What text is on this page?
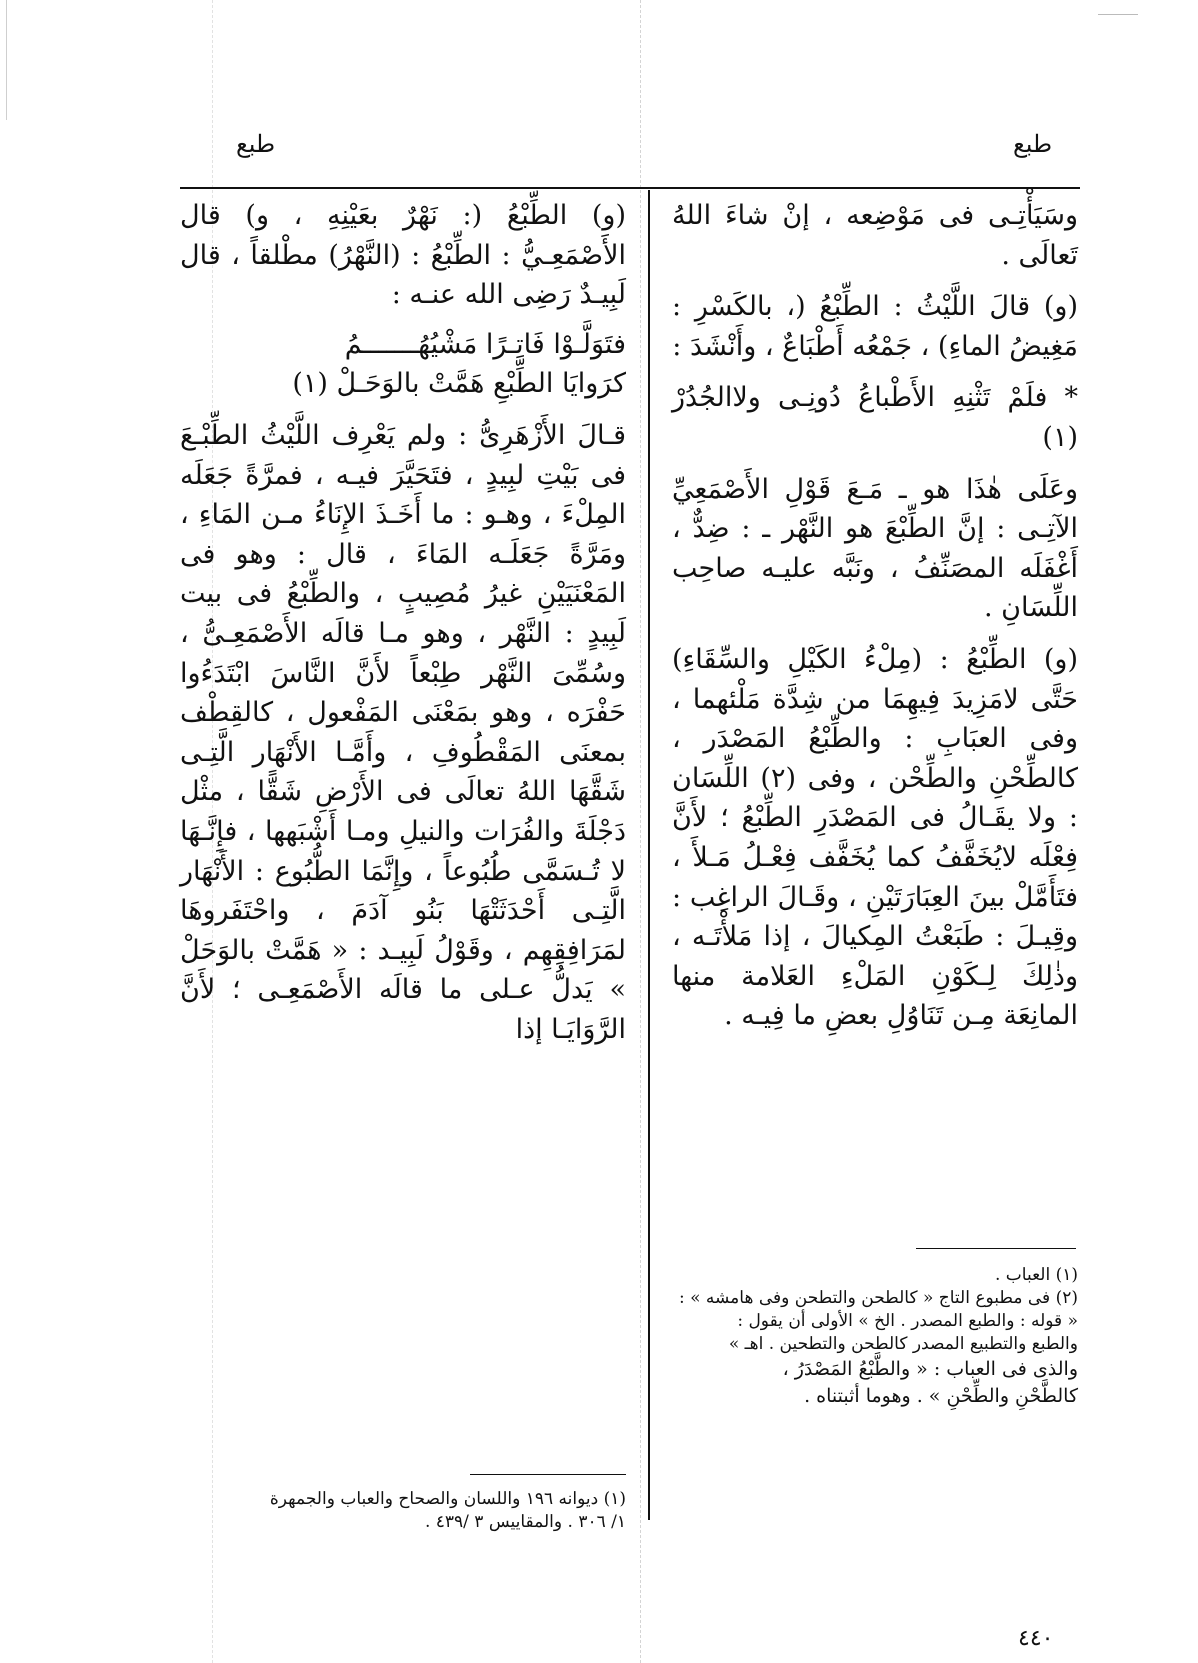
طبع	طبع

وسَيَأْتِـى فى مَوْضِعه ، إنْ شاءَ اللهُ تَعالَى .

(و) قالَ اللَّيْثُ : الطِّبْعُ (، بالكَسْرِ : مَغِيضُ الماءِ) ، جَمْعُه أَطْبَاعٌ ، وأَنْشَدَ :

* فلَمْ تَثْنِهِ الأَطْباعُ دُونِـى ولاالجُدُرْ (١)

وعَلَى هٰذَا هو ـ مَـعَ قَوْلِ الأَصْمَعِيِّ الآتِـى : إنَّ الطِّبْعَ هو النَّهْر ـ : ضِدٌّ ، أَغْفَلَه المصَنِّفُ ، ونَبَّه عليـه صاحِب اللِّسَانِ .

(و) الطِّبْعُ : (مِلْءُ الكَيْلِ والسِّقَاءِ) حَتَّى لامَزِيدَ فِيهِمَا من شِدَّة مَلْئهما ، وفى العبَابِ : والطِّبْعُ المَصْدَر ، كالطِّحْنِ والطِّحْن ، وفى (٢) اللِّسَان : ولا يقَـالُ فى المَصْدَرِ الطِّبْعُ ؛ لأَنَّ فِعْلَه لايُخَفَّفُ كما يُخَفَّف فِعْـلُ مَـلأَ ، فتَأَمَّلْ بينَ العِبَارَتَيْنِ ، وقَـالَ الراغِب : وقِيـلَ : طَبَعْتُ المِكيالَ ، إذا مَلأْتَـه ، وذٰلِكَ لِـكَوْنِ المَلْءِ العَلامة منها المانِعَة مِـن تَنَاوُلِ بعضِ ما فِيـه .

(و) الطِّبْعُ (: نَهْرٌ بعَيْنِهِ ، و) قال الأَصْمَعِـيُّ : الطِّبْعُ : (النَّهْرُ) مطْلقاً ، قال لَبِيـدٌ رَضِى الله عنـه :

فتَوَلَّـوْا فَاتِـرًا مَشْيُهُـــــــمُ

كرَوايَا الطِّبْعِ هَمَّتْ بالوَحَـلْ (١)

قـالَ الأَزْهَرِىُّ : ولم يَعْرِف اللَّيْثُ الطِّبْـعَ فى بَيْتِ لبِيدٍ ، فتَحَيَّرَ فيـه ، فمرَّةً جَعَلَه المِلْءَ ، وهـو : ما أَخَـذَ الإِنَاءُ مـن المَاءِ ، ومَرَّةً جَعَلَـه المَاءَ ، قال : وهو فى المَعْنَيَيْنِ غيرُ مُصِيبٍ ، والطِّبْعُ فى بيت لَبِيدٍ : النَّهْر ، وهو مـا قالَه الأَصْمَعِـىُّ ، وسُمِّىَ النَّهْر طِبْعاً لأَنَّ النَّاسَ ابْتَدَءُوا حَفْرَه ، وهو بمَعْنَى المَفْعول ، كالقِطْف بمعنَى المَقْطُوفِ ، وأَمَّـا الأَنْهَار الَّتِـى شَقَّهَا اللهُ تعالَى فى الأَرْضِ شَقًّا ، مثْل دَجْلَةَ والفُرَات والنيلِ ومـا أَشْبَهها ، فإِنَّـهَا لا تُـسَمَّى طُبُوعاً ، وإِنَّمَا الطُّبُوع : الأَنْهَار الَّتِـى أَحْدَثَتْهَا بَنُو آدَمَ ، واحْتَفَروهَا لمَرَافِقِهِم ، وقَوْلُ لَبِيـد : « هَمَّتْ بالوَحَلْ » يَدلُّ عـلى ما قالَه الأَصْمَعِـى ؛ لأَنَّ الرَّوَايَـا إذا

(١) العباب .
(٢) فى مطبوع التاج « كالطحن والتطحن وفى هامشه » :
« قوله : والطبع المصدر . الخ » الأولى أن يقول :
والطبع والتطبيع المصدر كالطحن والتطحين . اهـ »
والذى فى العباب : « والطَّبْعُ المَصْدَرُ ،
كالطَّحْنِ والطِّحْنِ » . وهوما أثبتناه .
(١) ديوانه ١٩٦ واللسان والصحاح والعباب والجمهرة
١/ ٣٠٦ . والمقاييس ٣ /٤٣٩ .
٤٤٠
